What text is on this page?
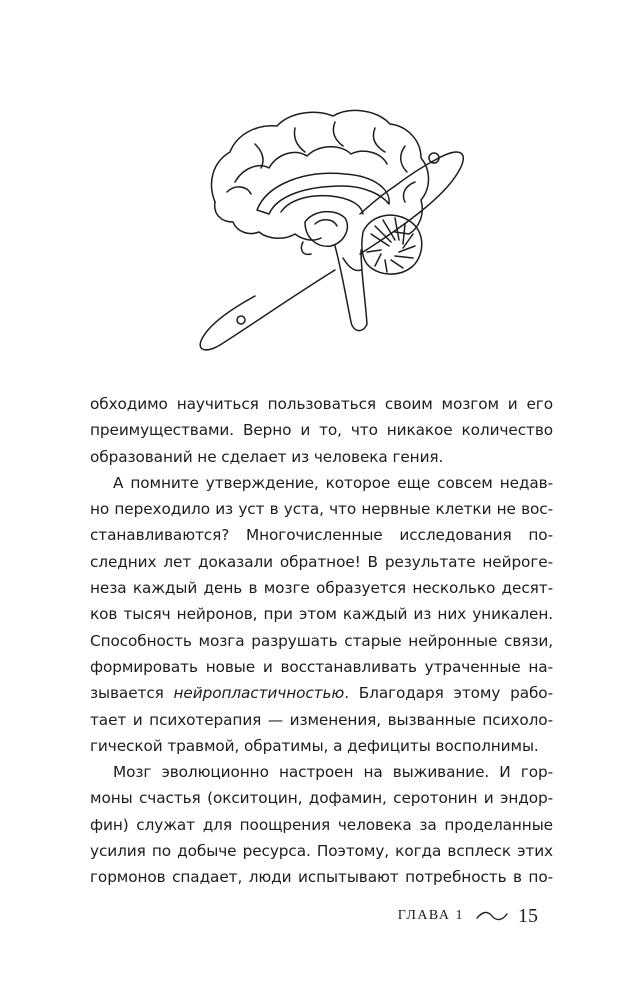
обходимо научиться пользоваться своим мозгом и его
преимуществами. Верно и то, что никакое количество
образований не сделает из человека гения.
А помните утверждение, которое еще совсем недав-
но переходило из уст в уста, что нервные клетки не вос-
станавливаются? Многочисленные исследования по-
следних лет доказали обратное! В результате нейроге-
неза каждый день в мозге образуется несколько десят-
ков тысяч нейронов, при этом каждый из них уникален.
Способность мозга разрушать старые нейронные связи,
формировать новые и восстанавливать утраченные на-
зывается нейропластичностью. Благодаря этому рабо-
тает и психотерапия — изменения, вызванные психоло-
гической травмой, обратимы, а дефициты восполнимы.
Мозг эволюционно настроен на выживание. И гор-
моны счастья (окситоцин, дофамин, серотонин и эндор-
фин) служат для поощрения человека за проделанные
усилия по добыче ресурса. Поэтому, когда всплеск этих
гормонов спадает, люди испытывают потребность в по-
ГЛАВА 1	15
